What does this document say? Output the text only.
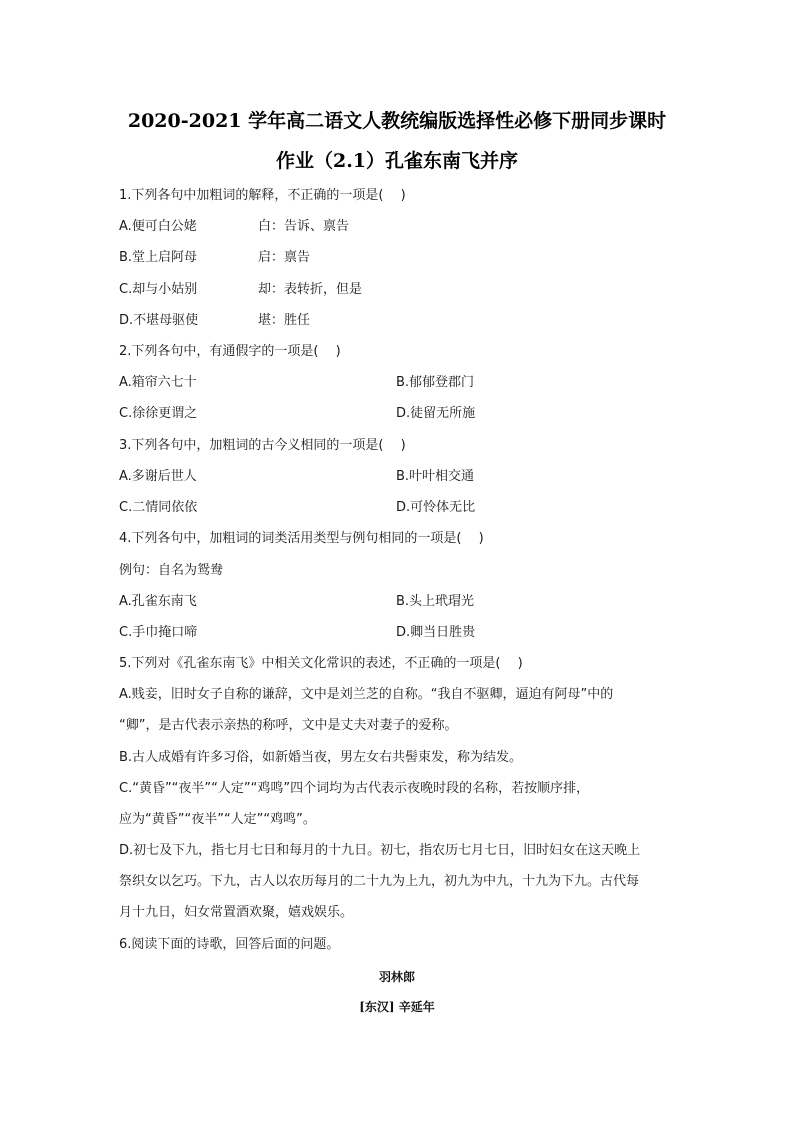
2020-2021 学年高二语文人教统编版选择性必修下册同步课时
作业（2.1）孔雀东南飞并序
1.下列各句中加粗词的解释，不正确的一项是(　 )
A.便可白公姥	白：告诉、禀告
B.堂上启阿母	启：禀告
C.却与小姑别	却：表转折，但是
D.不堪母驱使	堪：胜任
2.下列各句中，有通假字的一项是(　 )
A.箱帘六七十	B.郁郁登郡门
C.徐徐更谓之	D.徒留无所施
3.下列各句中，加粗词的古今义相同的一项是(　 )
A.多谢后世人	B.叶叶相交通
C.二情同依依	D.可怜体无比
4.下列各句中，加粗词的词类活用类型与例句相同的一项是(　 )
例句：自名为鸳鸯
A.孔雀东南飞	B.头上玳瑁光
C.手巾掩口啼	D.卿当日胜贵
5.下列对《孔雀东南飞》中相关文化常识的表述，不正确的一项是(　 )
A.贱妾，旧时女子自称的谦辞，文中是刘兰芝的自称。“我自不驱卿，逼迫有阿母”中的
“卿”，是古代表示亲热的称呼，文中是丈夫对妻子的爱称。
B.古人成婚有许多习俗，如新婚当夜，男左女右共髻束发，称为结发。
C.“黄昏”“夜半”“人定”“鸡鸣”四个词均为古代表示夜晚时段的名称，若按顺序排，
应为“黄昏”“夜半”“人定”“鸡鸣”。
D.初七及下九，指七月七日和每月的十九日。初七，指农历七月七日，旧时妇女在这天晚上
祭织女以乞巧。下九，古人以农历每月的二十九为上九，初九为中九，十九为下九。古代每
月十九日，妇女常置酒欢聚，嬉戏娱乐。
6.阅读下面的诗歌，回答后面的问题。
羽林郎
[东汉] 辛延年
